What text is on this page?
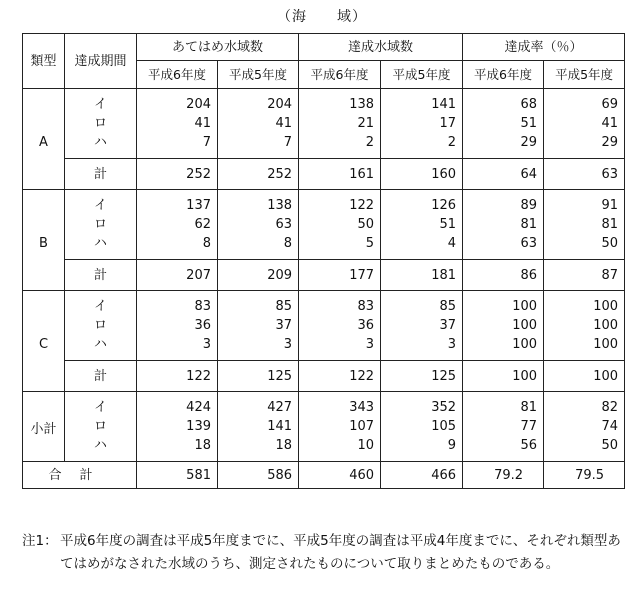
（海　　域）
類型	達成期間	あてはめ水域数		達成水域数		達成率（％）	
		平成6年度	平成5年度	平成6年度	平成5年度	平成6年度	平成5年度
A	イ	204	204	138	141	68	69
	ロ	41	41	21	17	51	41
	ハ	7	7	2	2	29	29
	計	252	252	161	160	64	63
B	イ	137	138	122	126	89	91
	ロ	62	63	50	51	81	81
	ハ	8	8	5	4	63	50
	計	207	209	177	181	86	87
C	イ	83	85	83	85	100	100
	ロ	36	37	36	37	100	100
	ハ	3	3	3	3	100	100
	計	122	125	122	125	100	100
小計	イ	424	427	343	352	81	82
	ロ	139	141	107	105	77	74
	ハ	18	18	10	9	56	50
合計		581	586	460	466	79.2	79.5
注1： 平成6年度の調査は平成5年度までに、平成5年度の調査は平成4年度までに、それぞれ類型あてはめがなされた水域のうち、測定されたものについて取りまとめたものである。
